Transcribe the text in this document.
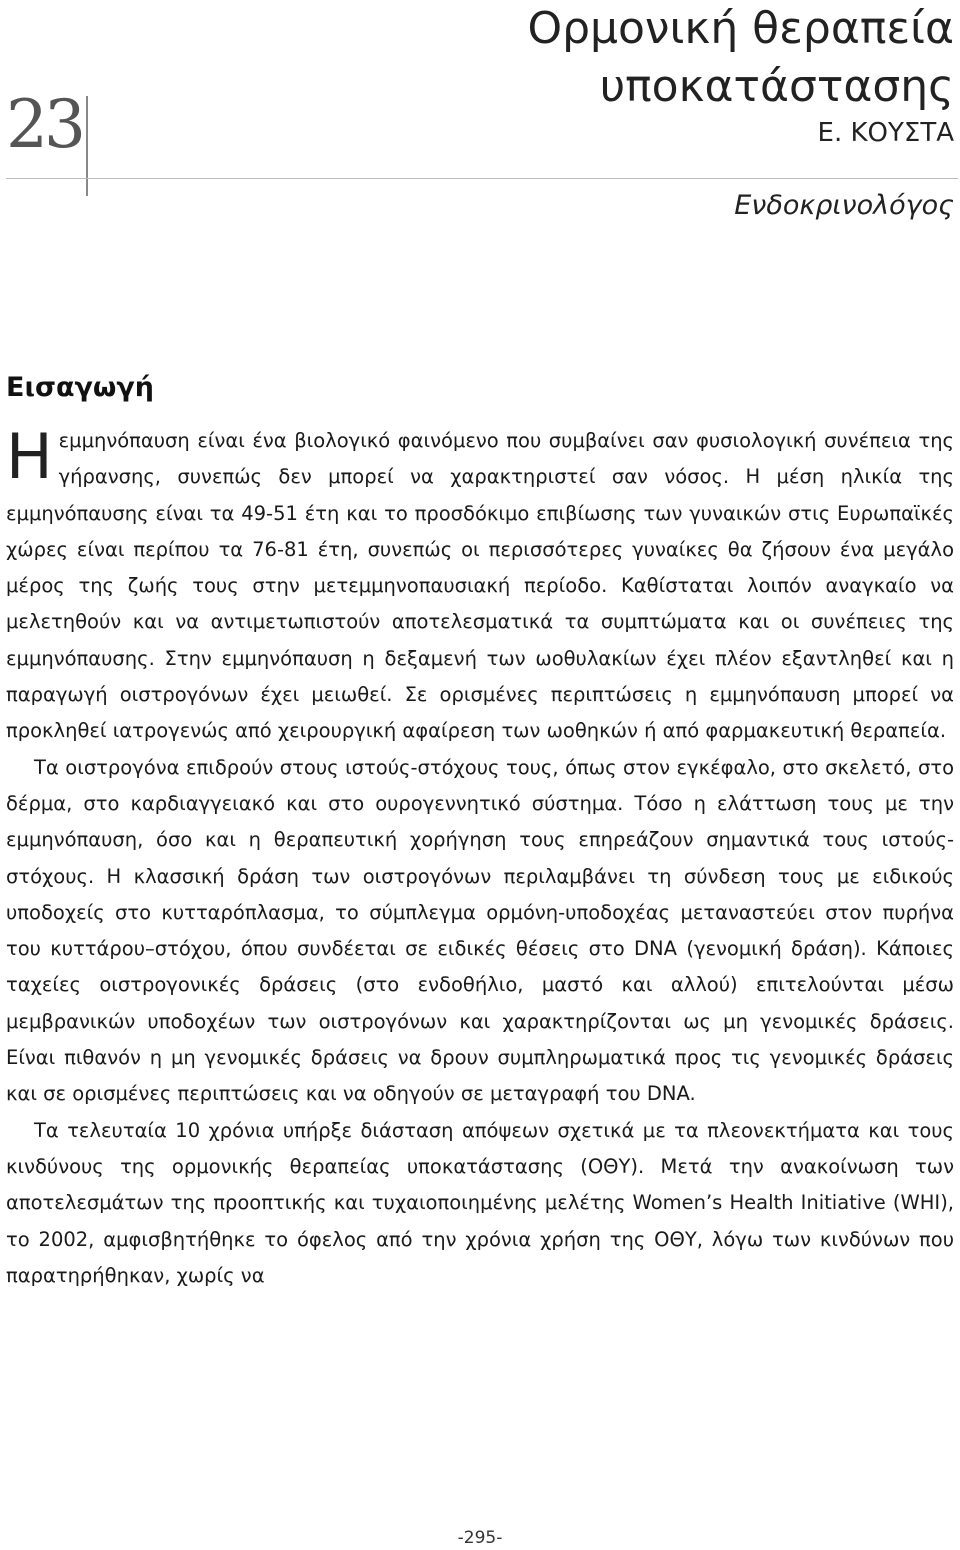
23
Ορμονική θεραπεία υποκατάστασης
Ε. ΚΟΥΣΤΑ
Ενδοκρινολόγος
Εισαγωγή

Ηεμμηνόπαυση είναι ένα βιολογικό φαινόμενο που συμβαίνει σαν φυσιολογική συνέπεια της γήρανσης, συνεπώς δεν μπορεί να χαρακτηριστεί σαν νόσος. Η μέση ηλικία της εμμηνόπαυσης είναι τα 49-51 έτη και το προσδόκιμο επιβίωσης των γυναικών στις Ευρωπαϊκές χώρες είναι περίπου τα 76-81 έτη, συνεπώς οι περισσότερες γυναίκες θα ζήσουν ένα μεγάλο μέρος της ζωής τους στην μετεμμηνοπαυσιακή περίοδο. Καθίσταται λοιπόν αναγκαίο να μελετηθούν και να αντιμετωπιστούν αποτελεσματικά τα συμπτώματα και οι συνέπειες της εμμηνόπαυσης. Στην εμμηνόπαυση η δεξαμενή των ωοθυλακίων έχει πλέον εξαντληθεί και η παραγωγή οιστρογόνων έχει μειωθεί. Σε ορισμένες περιπτώσεις η εμμηνόπαυση μπορεί να προκληθεί ιατρογενώς από χειρουργική αφαίρεση των ωοθηκών ή από φαρμακευτική θεραπεία.

Τα οιστρογόνα επιδρούν στους ιστούς-στόχους τους, όπως στον εγκέφαλο, στο σκελετό, στο δέρμα, στο καρδιαγγειακό και στο ουρογεννητικό σύστημα. Τόσο η ελάττωση τους με την εμμηνόπαυση, όσο και η θεραπευτική χορήγηση τους επηρεάζουν σημαντικά τους ιστούς-στόχους. Η κλασσική δράση των οιστρογόνων περιλαμβάνει τη σύνδεση τους με ειδικούς υποδοχείς στο κυτταρόπλασμα, το σύμπλεγμα ορμόνη-υποδοχέας μεταναστεύει στον πυρήνα του κυττάρου–στόχου, όπου συνδέεται σε ειδικές θέσεις στο DNA (γενομική δράση). Κάποιες ταχείες οιστρογονικές δράσεις (στο ενδοθήλιο, μαστό και αλλού) επιτελούνται μέσω μεμβρανικών υποδοχέων των οιστρογόνων και χαρακτηρίζονται ως μη γενομικές δράσεις. Είναι πιθανόν η μη γενομικές δράσεις να δρουν συμπληρωματικά προς τις γενομικές δράσεις και σε ορισμένες περιπτώσεις και να οδηγούν σε μεταγραφή του DNA.

Τα τελευταία 10 χρόνια υπήρξε διάσταση απόψεων σχετικά με τα πλεονεκτήματα και τους κινδύνους της ορμονικής θεραπείας υποκατάστασης (ΟΘΥ). Μετά την ανακοίνωση των αποτελεσμάτων της προοπτικής και τυχαιοποιημένης μελέτης Women’s Health Initiative (WHI), το 2002, αμφισβητήθηκε το όφελος από την χρόνια χρήση της ΟΘΥ, λόγω των κινδύνων που παρατηρήθηκαν, χωρίς να

-295-
